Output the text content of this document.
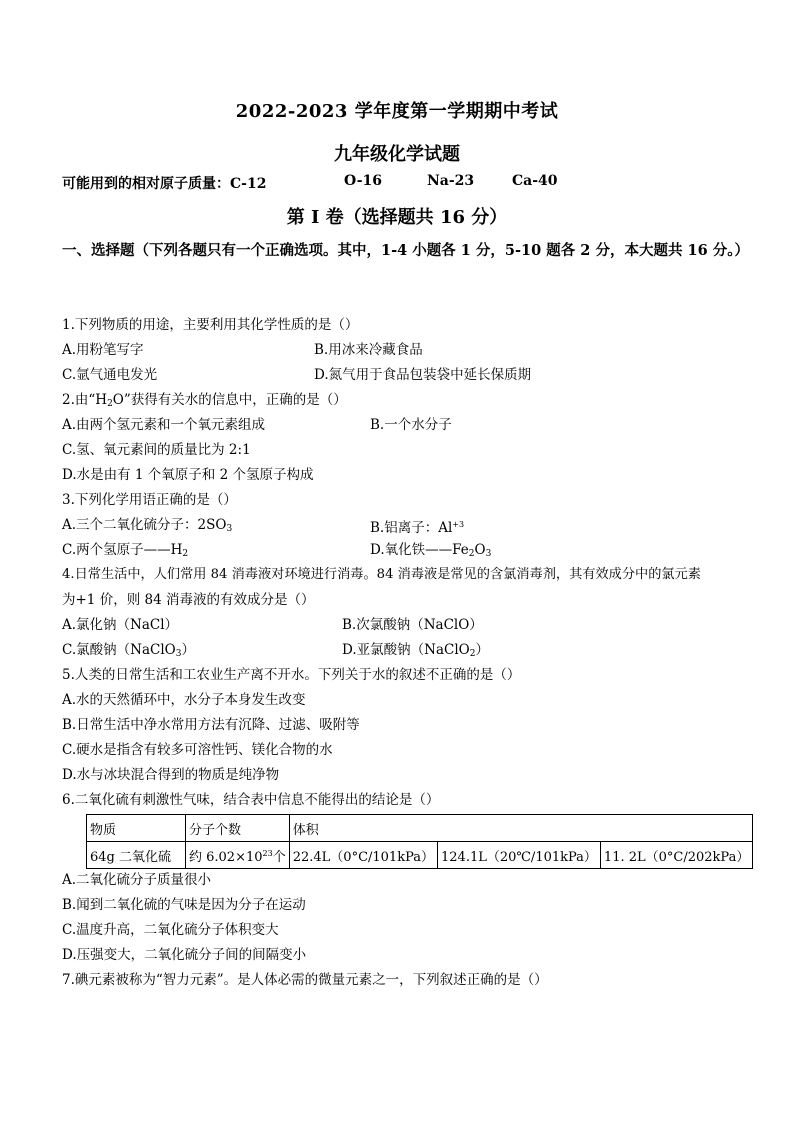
2022-2023 学年度第一学期期中考试
九年级化学试题
可能用到的相对原子质量：C-12	O-16	Na-23	Ca-40
第 I 卷（选择题共 16 分）
一、选择题（下列各题只有一个正确选项。其中，1-4 小题各 1 分，5-10 题各 2 分，本大题共 16 分。）
1.下列物质的用途，主要利用其化学性质的是（）
A.用粉笔写字	B.用冰来冷藏食品
C.氩气通电发光	D.氮气用于食品包装袋中延长保质期
2.由“$H_2O$”获得有关水的信息中，正确的是（）
A.由两个氢元素和一个氧元素组成	B.一个水分子
C.氢、氧元素间的质量比为 2:1
D.水是由有 1 个氧原子和 2 个氢原子构成
3.下列化学用语正确的是（）
A.三个二氧化硫分子：$2SO_3$	B.铝离子：$Al^{+3}$
C.两个氢原子$——H_2$	D.氧化铁$——Fe_2O_3$
4.日常生活中，人们常用 84 消毒液对环境进行消毒。84 消毒液是常见的含氯消毒剂，其有效成分中的氯元素
为+1 价，则 84 消毒液的有效成分是（）
A.氯化钠（NaCl）	B.次氯酸钠（NaClO）
C.氯酸钠（NaClO$_3$）	D.亚氯酸钠（NaClO$_2$）
5.人类的日常生活和工农业生产离不开水。下列关于水的叙述不正确的是（）
A.水的天然循环中，水分子本身发生改变
B.日常生活中净水常用方法有沉降、过滤、吸附等
C.硬水是指含有较多可溶性钙、镁化合物的水
D.水与冰块混合得到的物质是纯净物
6.二氧化硫有刺激性气味，结合表中信息不能得出的结论是（）
物质	分子个数	体积		
64g 二氧化硫	约 $6.02\times 10^{23}$个	22.4L（0°C/101kPa）	124.1L（20℃/101kPa）	11. 2L（0°C/202kPa）
A.二氧化硫分子质量很小
B.闻到二氧化硫的气味是因为分子在运动
C.温度升高，二氧化硫分子体积变大
D.压强变大，二氧化硫分子间的间隔变小
7.碘元素被称为“智力元素”。是人体必需的微量元素之一，下列叙述正确的是（）
